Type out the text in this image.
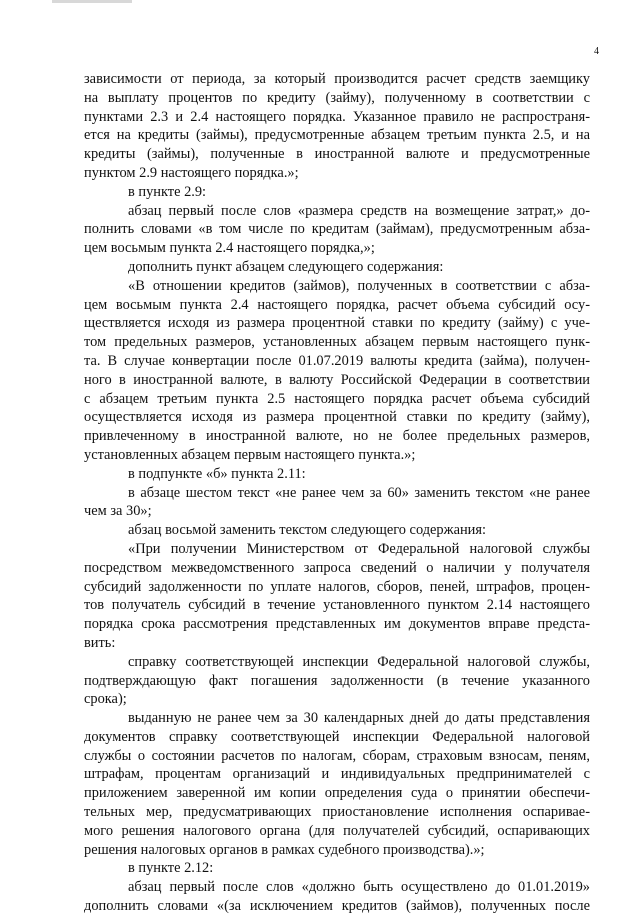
4
зависимости от периода, за который производится расчет средств заемщику
на выплату процентов по кредиту (займу), полученному в соответствии с
пунктами 2.3 и 2.4 настоящего порядка. Указанное правило не распространя-
ется на кредиты (займы), предусмотренные абзацем третьим пункта 2.5, и на
кредиты (займы), полученные в иностранной валюте и предусмотренные
пунктом 2.9 настоящего порядка.»;
в пункте 2.9:
абзац первый после слов «размера средств на возмещение затрат,» до-
полнить словами «в том числе по кредитам (займам), предусмотренным абза-
цем восьмым пункта 2.4 настоящего порядка,»;
дополнить пункт абзацем следующего содержания:
«В отношении кредитов (займов), полученных в соответствии с абза-
цем восьмым пункта 2.4 настоящего порядка, расчет объема субсидий осу-
ществляется исходя из размера процентной ставки по кредиту (займу) с уче-
том предельных размеров, установленных абзацем первым настоящего пунк-
та. В случае конвертации после 01.07.2019 валюты кредита (займа), получен-
ного в иностранной валюте, в валюту Российской Федерации в соответствии
с абзацем третьим пункта 2.5 настоящего порядка расчет объема субсидий
осуществляется исходя из размера процентной ставки по кредиту (займу),
привлеченному в иностранной валюте, но не более предельных размеров,
установленных абзацем первым настоящего пункта.»;
в подпункте «б» пункта 2.11:
в абзаце шестом текст «не ранее чем за 60» заменить текстом «не ранее
чем за 30»;
абзац восьмой заменить текстом следующего содержания:
«При получении Министерством от Федеральной налоговой службы
посредством межведомственного запроса сведений о наличии у получателя
субсидий задолженности по уплате налогов, сборов, пеней, штрафов, процен-
тов получатель субсидий в течение установленного пунктом 2.14 настоящего
порядка срока рассмотрения представленных им документов вправе предста-
вить:
справку соответствующей инспекции Федеральной налоговой службы,
подтверждающую факт погашения задолженности (в течение указанного
срока);
выданную не ранее чем за 30 календарных дней до даты представления
документов справку соответствующей инспекции Федеральной налоговой
службы о состоянии расчетов по налогам, сборам, страховым взносам, пеням,
штрафам, процентам организаций и индивидуальных предпринимателей с
приложением заверенной им копии определения суда о принятии обеспечи-
тельных мер, предусматривающих приостановление исполнения оспаривае-
мого решения налогового органа (для получателей субсидий, оспаривающих
решения налоговых органов в рамках судебного производства).»;
в пункте 2.12:
абзац первый после слов «должно быть осуществлено до 01.01.2019»
дополнить словами «(за исключением кредитов (займов), полученных после
